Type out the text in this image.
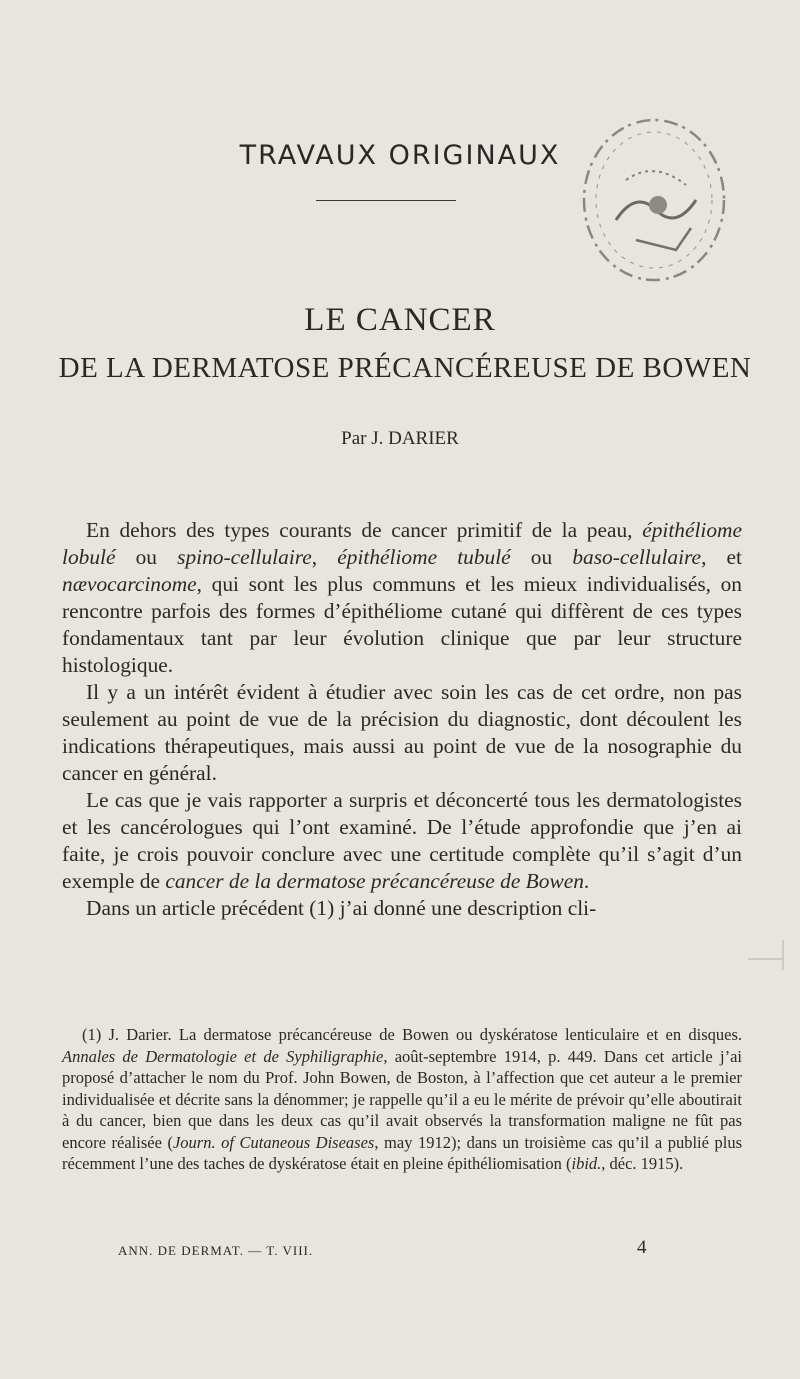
TRAVAUX ORIGINAUX
LE CANCER
DE LA DERMATOSE PRÉCANCÉREUSE DE BOWEN
Par J. DARIER

En dehors des types courants de cancer primitif de la peau, épithéliome lobulé ou spino-cellulaire, épithéliome tubulé ou baso-cellulaire, et nævocarcinome, qui sont les plus communs et les mieux individualisés, on rencontre parfois des formes d’épithéliome cutané qui diffèrent de ces types fondamentaux tant par leur évolution clinique que par leur structure histologique.

Il y a un intérêt évident à étudier avec soin les cas de cet ordre, non pas seulement au point de vue de la précision du diagnostic, dont découlent les indications thérapeutiques, mais aussi au point de vue de la nosographie du cancer en général.

Le cas que je vais rapporter a surpris et déconcerté tous les dermatologistes et les cancérologues qui l’ont examiné. De l’étude approfondie que j’en ai faite, je crois pouvoir conclure avec une certitude complète qu’il s’agit d’un exemple de cancer de la dermatose précancéreuse de Bowen.

Dans un article précédent (1) j’ai donné une description cli-

(1) J. Darier. La dermatose précancéreuse de Bowen ou dyskératose lenticulaire et en disques. Annales de Dermatologie et de Syphiligraphie, août-septembre 1914, p. 449. Dans cet article j’ai proposé d’attacher le nom du Prof. John Bowen, de Boston, à l’affection que cet auteur a le premier individualisée et décrite sans la dénommer; je rappelle qu’il a eu le mérite de prévoir qu’elle aboutirait à du cancer, bien que dans les deux cas qu’il avait observés la transformation maligne ne fût pas encore réalisée (Journ. of Cutaneous Diseases, may 1912); dans un troisième cas qu’il a publié plus récemment l’une des taches de dyskératose était en pleine épithéliomisation (ibid., déc. 1915).

ANN. DE DERMAT. — T. VIII.	4
